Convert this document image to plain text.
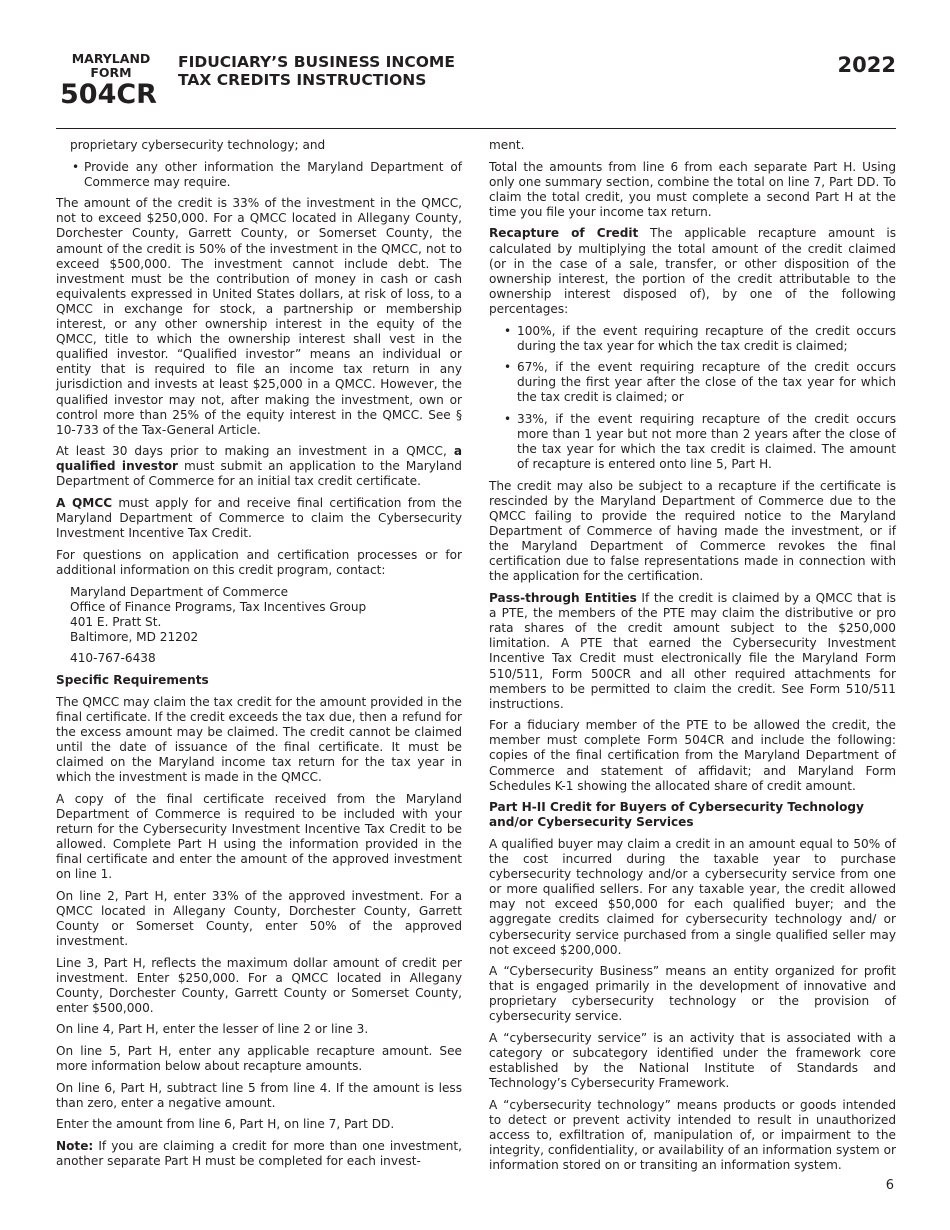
MARYLAND
FORM
504CR
FIDUCIARY’S BUSINESS INCOME
TAX CREDITS INSTRUCTIONS
2022

proprietary cybersecurity technology; and

• Provide any other information the Maryland Department of Commerce may require.

The amount of the credit is 33% of the investment in the QMCC, not to exceed $250,000. For a QMCC located in Allegany County, Dorchester County, Garrett County, or Somerset County, the amount of the credit is 50% of the investment in the QMCC, not to exceed $500,000. The investment cannot include debt. The investment must be the contribution of money in cash or cash equivalents expressed in United States dollars, at risk of loss, to a QMCC in exchange for stock, a partnership or membership interest, or any other ownership interest in the equity of the QMCC, title to which the ownership interest shall vest in the qualified investor. “Qualified investor” means an individual or entity that is required to file an income tax return in any jurisdiction and invests at least $25,000 in a QMCC. However, the qualified investor may not, after making the investment, own or control more than 25% of the equity interest in the QMCC. See § 10-733 of the Tax-General Article.

At least 30 days prior to making an investment in a QMCC, a qualified investor must submit an application to the Maryland Department of Commerce for an initial tax credit certificate.

A QMCC must apply for and receive final certification from the Maryland Department of Commerce to claim the Cybersecurity Investment Incentive Tax Credit.

For questions on application and certification processes or for additional information on this credit program, contact:

Maryland Department of Commerce
Office of Finance Programs, Tax Incentives Group
401 E. Pratt St.
Baltimore, MD 21202
410-767-6438
Specific Requirements

The QMCC may claim the tax credit for the amount provided in the final certificate. If the credit exceeds the tax due, then a refund for the excess amount may be claimed. The credit cannot be claimed until the date of issuance of the final certificate. It must be claimed on the Maryland income tax return for the tax year in which the investment is made in the QMCC.

A copy of the final certificate received from the Maryland Department of Commerce is required to be included with your return for the Cybersecurity Investment Incentive Tax Credit to be allowed. Complete Part H using the information provided in the final certificate and enter the amount of the approved investment on line 1.

On line 2, Part H, enter 33% of the approved investment. For a QMCC located in Allegany County, Dorchester County, Garrett County or Somerset County, enter 50% of the approved investment.

Line 3, Part H, reflects the maximum dollar amount of credit per investment. Enter $250,000. For a QMCC located in Allegany County, Dorchester County, Garrett County or Somerset County, enter $500,000.

On line 4, Part H, enter the lesser of line 2 or line 3.

On line 5, Part H, enter any applicable recapture amount. See more information below about recapture amounts.

On line 6, Part H, subtract line 5 from line 4. If the amount is less than zero, enter a negative amount.

Enter the amount from line 6, Part H, on line 7, Part DD.

Note: If you are claiming a credit for more than one investment, another separate Part H must be completed for each invest-

ment.

Total the amounts from line 6 from each separate Part H. Using only one summary section, combine the total on line 7, Part DD. To claim the total credit, you must complete a second Part H at the time you file your income tax return.

Recapture of Credit The applicable recapture amount is calculated by multiplying the total amount of the credit claimed (or in the case of a sale, transfer, or other disposition of the ownership interest, the portion of the credit attributable to the ownership interest disposed of), by one of the following percentages:

• 100%, if the event requiring recapture of the credit occurs during the tax year for which the tax credit is claimed;
• 67%, if the event requiring recapture of the credit occurs during the first year after the close of the tax year for which the tax credit is claimed; or
• 33%, if the event requiring recapture of the credit occurs more than 1 year but not more than 2 years after the close of the tax year for which the tax credit is claimed. The amount of recapture is entered onto line 5, Part H.

The credit may also be subject to a recapture if the certificate is rescinded by the Maryland Department of Commerce due to the QMCC failing to provide the required notice to the Maryland Department of Commerce of having made the investment, or if the Maryland Department of Commerce revokes the final certification due to false representations made in connection with the application for the certification.

Pass-through Entities If the credit is claimed by a QMCC that is a PTE, the members of the PTE may claim the distributive or pro rata shares of the credit amount subject to the $250,000 limitation. A PTE that earned the Cybersecurity Investment Incentive Tax Credit must electronically file the Maryland Form 510/511, Form 500CR and all other required attachments for members to be permitted to claim the credit. See Form 510/511 instructions.

For a fiduciary member of the PTE to be allowed the credit, the member must complete Form 504CR and include the following: copies of the final certification from the Maryland Department of Commerce and statement of affidavit; and Maryland Form Schedules K-1 showing the allocated share of credit amount.

Part H-II Credit for Buyers of Cybersecurity Technology and/or Cybersecurity Services

A qualified buyer may claim a credit in an amount equal to 50% of the cost incurred during the taxable year to purchase cybersecurity technology and/or a cybersecurity service from one or more qualified sellers. For any taxable year, the credit allowed may not exceed $50,000 for each qualified buyer; and the aggregate credits claimed for cybersecurity technology and/ or cybersecurity service purchased from a single qualified seller may not exceed $200,000.

A “Cybersecurity Business” means an entity organized for profit that is engaged primarily in the development of innovative and proprietary cybersecurity technology or the provision of cybersecurity service.

A “cybersecurity service” is an activity that is associated with a category or subcategory identified under the framework core established by the National Institute of Standards and Technology’s Cybersecurity Framework.

A “cybersecurity technology” means products or goods intended to detect or prevent activity intended to result in unauthorized access to, exfiltration of, manipulation of, or impairment to the integrity, confidentiality, or availability of an information system or information stored on or transiting an information system.

6
